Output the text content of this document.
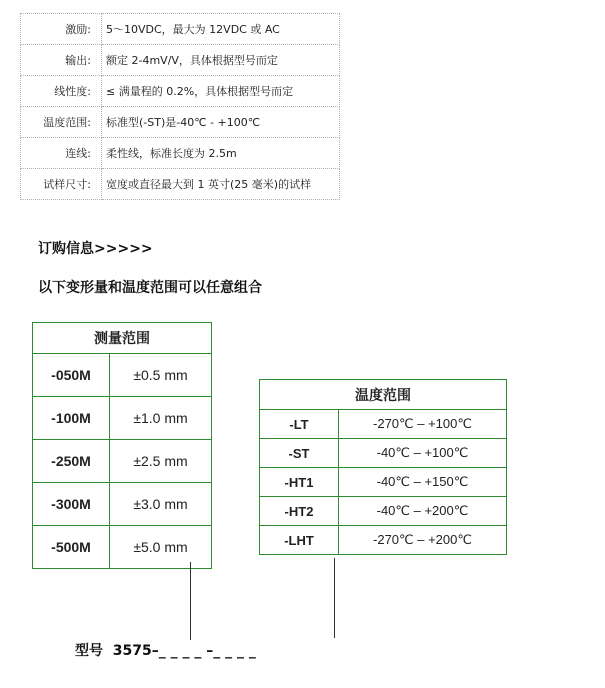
激励:	5～10VDC，最大为 12VDC 或 AC
输出:	额定 2-4mV/V，具体根据型号而定
线性度:	≤ 满量程的 0.2%，具体根据型号而定
温度范围:	标准型(-ST)是-40℃ - +100℃
连线:	柔性线，标准长度为 2.5m
试样尺寸:	宽度或直径最大到 1 英寸(25 毫米)的试样
订购信息>>>>>
以下变形量和温度范围可以任意组合
测量范围	
-050M	±0.5 mm
-100M	±1.0 mm
-250M	±2.5 mm
-300M	±3.0 mm
-500M	±5.0 mm
温度范围	
-LT	-270℃ – +100℃
-ST	-40℃ – +100℃
-HT1	-40℃ – +150℃
-HT2	-40℃ – +200℃
-LHT	-270℃ – +200℃
型号 3575–_ _ _ _ –_ _ _ _
